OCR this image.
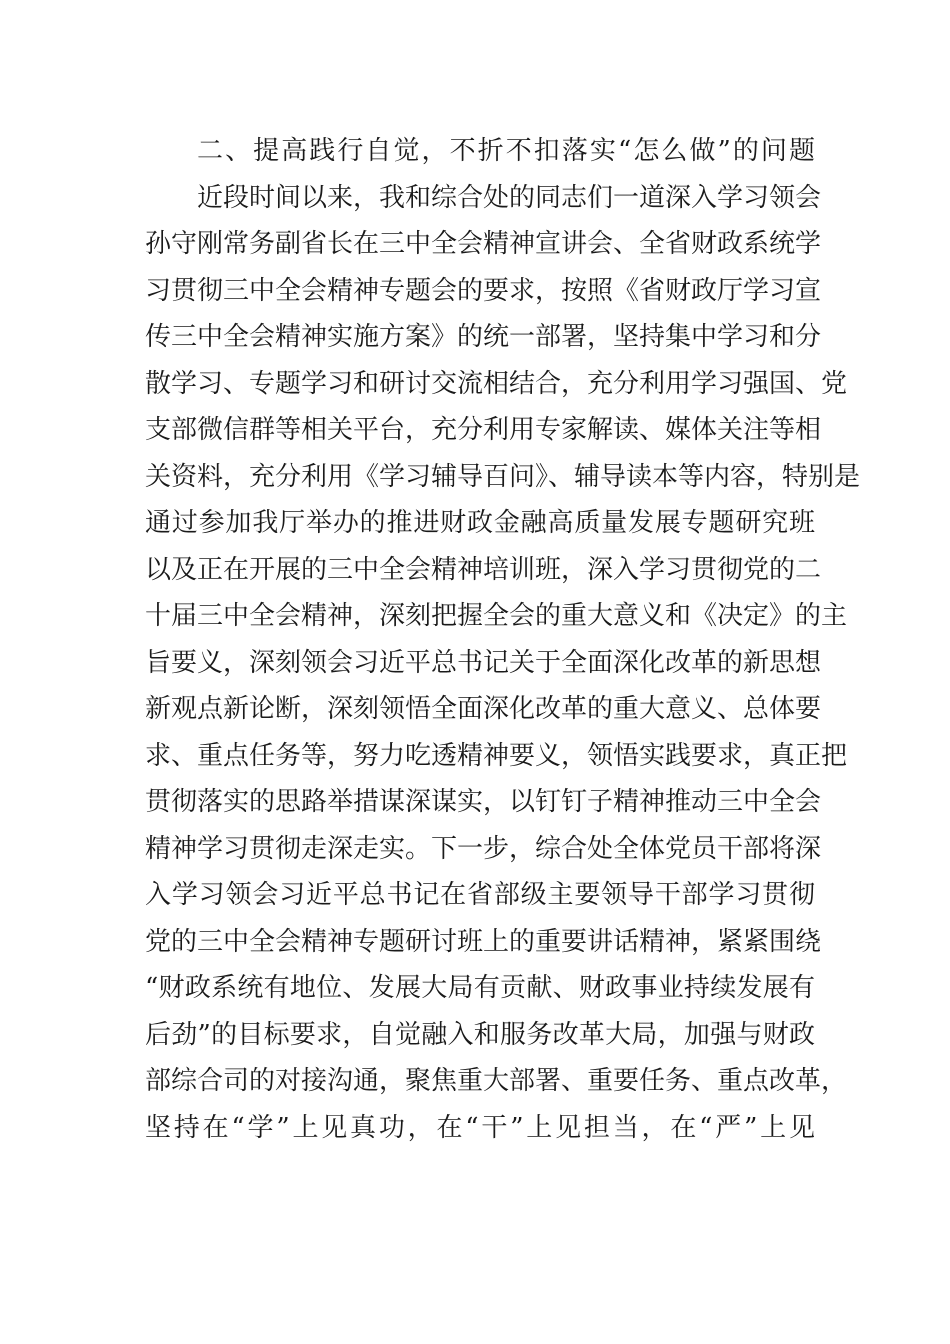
二、提高践行自觉，不折不扣落实“怎么做”的问题
近段时间以来，我和综合处的同志们一道深入学习领会
孙守刚常务副省长在三中全会精神宣讲会、全省财政系统学
习贯彻三中全会精神专题会的要求，按照《省财政厅学习宣
传三中全会精神实施方案》的统一部署，坚持集中学习和分
散学习、专题学习和研讨交流相结合，充分利用学习强国、党
支部微信群等相关平台，充分利用专家解读、媒体关注等相
关资料，充分利用《学习辅导百问》、辅导读本等内容，特别是
通过参加我厅举办的推进财政金融高质量发展专题研究班
以及正在开展的三中全会精神培训班，深入学习贯彻党的二
十届三中全会精神，深刻把握全会的重大意义和《决定》的主
旨要义，深刻领会习近平总书记关于全面深化改革的新思想
新观点新论断，深刻领悟全面深化改革的重大意义、总体要
求、重点任务等，努力吃透精神要义，领悟实践要求，真正把
贯彻落实的思路举措谋深谋实，以钉钉子精神推动三中全会
精神学习贯彻走深走实。下一步，综合处全体党员干部将深
入学习领会习近平总书记在省部级主要领导干部学习贯彻
党的三中全会精神专题研讨班上的重要讲话精神，紧紧围绕
“财政系统有地位、发展大局有贡献、财政事业持续发展有
后劲”的目标要求，自觉融入和服务改革大局，加强与财政
部综合司的对接沟通，聚焦重大部署、重要任务、重点改革，
坚持在“学”上见真功，在“干”上见担当，在“严”上见
